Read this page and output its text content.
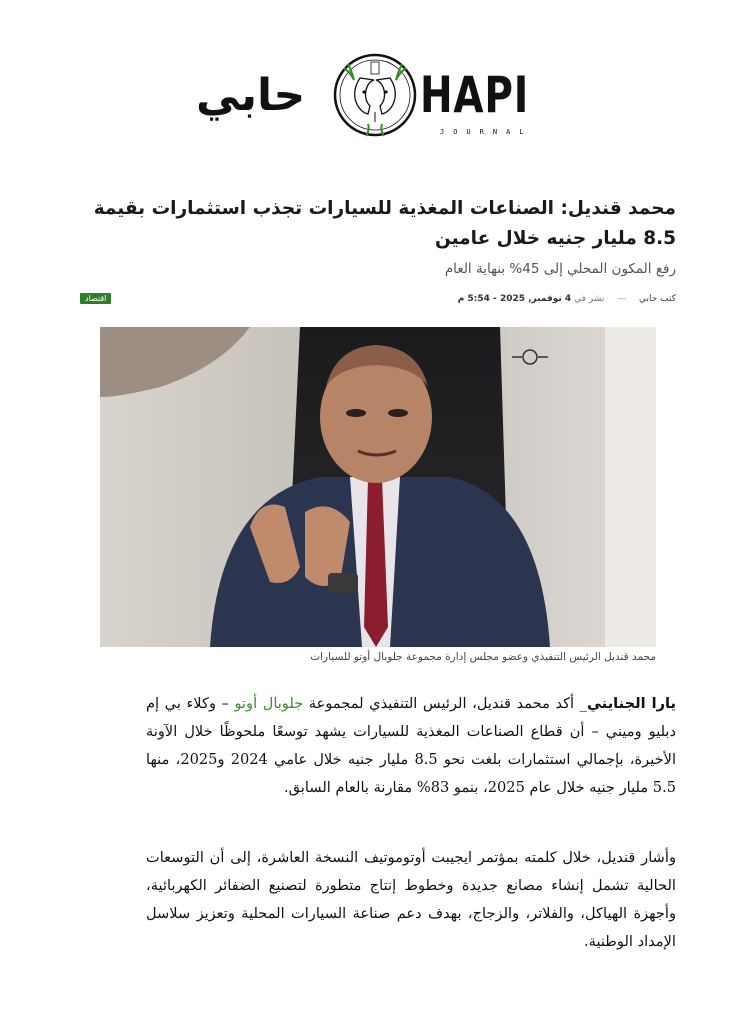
حابي HAPI
JOURNAL
محمد قنديل: الصناعات المغذية للسيارات تجذب استثمارات بقيمة 8.5 مليار جنيه خلال عامين
رفع المكون المحلي إلى 45% بنهاية العام
كتب حابي — نشر في 4 نوفمبر, 2025 - 5:54 م
اقتصاد
محمد قنديل الرئيس التنفيذي وعضو مجلس إدارة مجموعة جلوبال أوتو للسيارات

يارا الجنايني_ أكد محمد قنديل، الرئيس التنفيذي لمجموعة جلوبال أوتو – وكلاء بي إم دبليو وميني – أن قطاع الصناعات المغذية للسيارات يشهد توسعًا ملحوظًا خلال الآونة الأخيرة، بإجمالي استثمارات بلغت نحو 8.5 مليار جنيه خلال عامي 2024 و2025، منها 5.5 مليار جنيه خلال عام 2025، بنمو 83% مقارنة بالعام السابق.

وأشار قنديل، خلال كلمته بمؤتمر ايجيبت أوتوموتيف النسخة العاشرة، إلى أن التوسعات الحالية تشمل إنشاء مصانع جديدة وخطوط إنتاج متطورة لتصنيع الضفائر الكهربائية، وأجهزة الهياكل، والفلاتر، والزجاج، بهدف دعم صناعة السيارات المحلية وتعزيز سلاسل الإمداد الوطنية.
